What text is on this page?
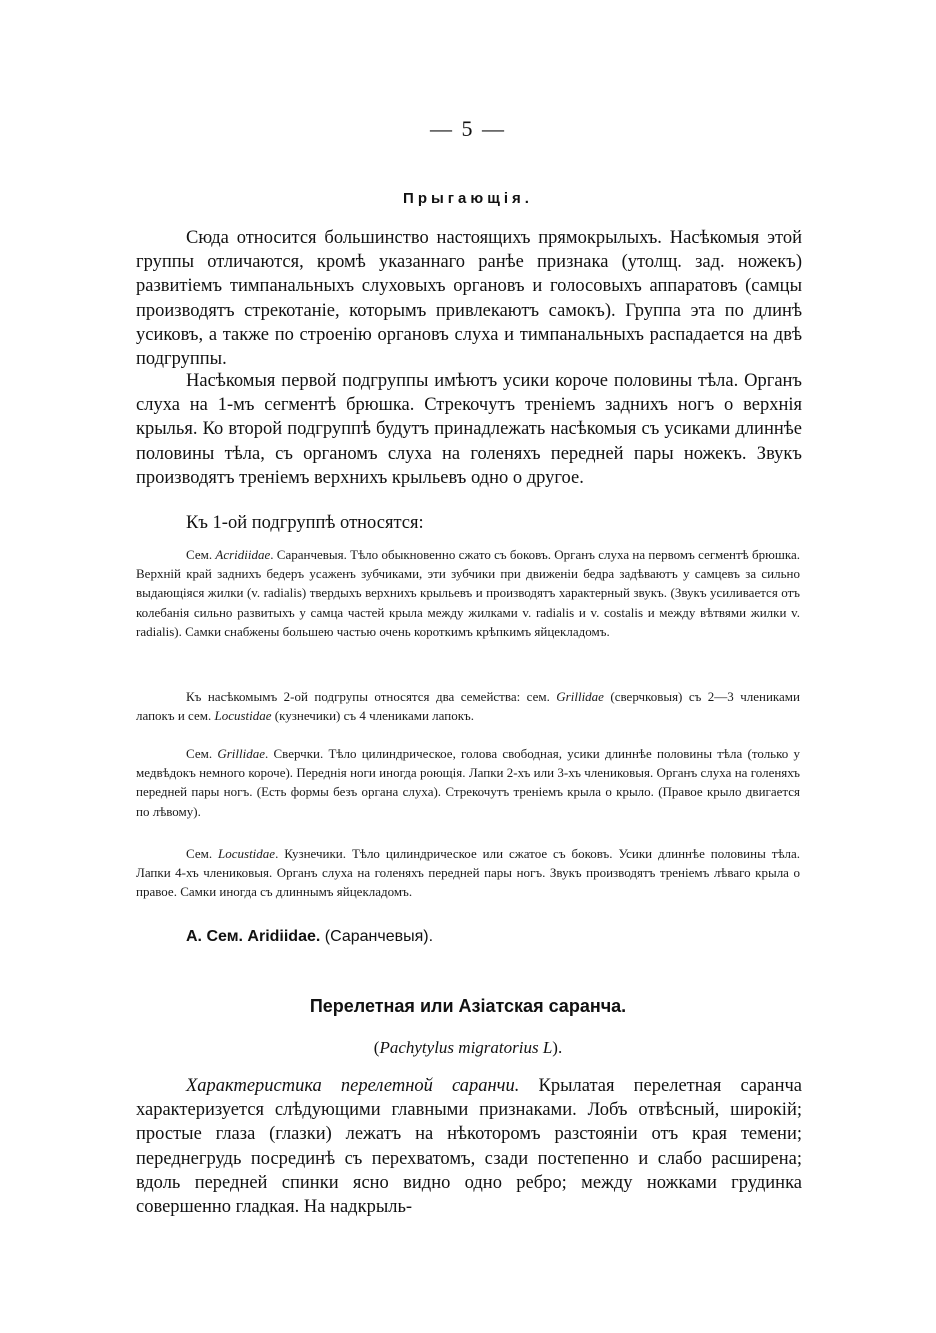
— 5 —
Прыгающія.

Сюда относится большинство настоящихъ прямокрылыхъ. Насѣкомыя этой группы отличаются, кромѣ указаннаго ранѣе признака (утолщ. зад. ножекъ) развитіемъ тимпанальныхъ слуховыхъ органовъ и голосовыхъ аппаратовъ (самцы производятъ стрекотаніе, которымъ привлекаютъ самокъ). Группа эта по длинѣ усиковъ, а также по строенію органовъ слуха и тимпанальныхъ распадается на двѣ подгруппы.

Насѣкомыя первой подгруппы имѣютъ усики короче половины тѣла. Органъ слуха на 1-мъ сегментѣ брюшка. Стрекочутъ треніемъ заднихъ ногъ о верхнія крылья. Ко второй подгруппѣ будутъ принадлежать насѣкомыя съ усиками длиннѣе половины тѣла, съ органомъ слуха на голеняхъ передней пары ножекъ. Звукъ производятъ треніемъ верхнихъ крыльевъ одно о другое.

Къ 1-ой подгруппѣ относятся:

Сем. Acridiidae. Саранчевыя. Тѣло обыкновенно сжато съ боковъ. Органъ слуха на первомъ сегментѣ брюшка. Верхній край заднихъ бедеръ усаженъ зубчиками, эти зубчики при движеніи бедра задѣваютъ у самцевъ за сильно выдающіяся жилки (v. radialis) твердыхъ верхнихъ крыльевъ и производятъ характерный звукъ. (Звукъ усиливается отъ колебанія сильно развитыхъ у самца частей крыла между жилками v. radialis и v. costalis и между вѣтвями жилки v. radialis). Самки снабжены большею частью очень короткимъ крѣпкимъ яйцекладомъ.

Къ насѣкомымъ 2-ой подгрупы относятся два семейства: сем. Grillidae (сверчковыя) съ 2—3 члениками лапокъ и сем. Locustidae (кузнечики) съ 4 члениками лапокъ.

Сем. Grillidae. Сверчки. Тѣло цилиндрическое, голова свободная, усики длиннѣе половины тѣла (только у медвѣдокъ немного короче). Переднія ноги иногда роющія. Лапки 2-хъ или 3-хъ члениковыя. Органъ слуха на голеняхъ передней пары ногъ. (Есть формы безъ органа слуха). Стрекочутъ треніемъ крыла о крыло. (Правое крыло двигается по лѣвому).

Сем. Locustidae. Кузнечики. Тѣло цилиндрическое или сжатое съ боковъ. Усики длиннѣе половины тѣла. Лапки 4-хъ члениковыя. Органъ слуха на голеняхъ передней пары ногъ. Звукъ производятъ треніемъ лѣваго крыла о правое. Самки иногда съ длиннымъ яйцекладомъ.

А. Сем. Aridiidae. (Саранчевыя).
Перелетная или Азіатская саранча.
(Pachytylus migratorius L).

Характеристика перелетной саранчи. Крылатая перелетная саранча характеризуется слѣдующими главными признаками. Лобъ отвѣсный, широкій; простые глаза (глазки) лежатъ на нѣкоторомъ разстояніи отъ края темени; переднегрудь посрединѣ съ перехватомъ, сзади постепенно и слабо расширена; вдоль передней спинки ясно видно одно ребро; между ножками грудинка совершенно гладкая. На надкрыль-
